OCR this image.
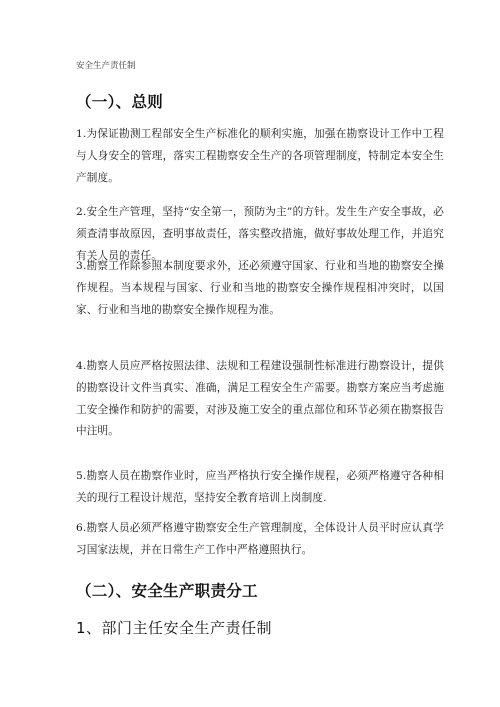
安全生产责任制
（一）、总则
1.为保证勘测工程部安全生产标准化的顺利实施，加强在勘察设计工作中工程与人身安全的管理，落实工程勘察安全生产的各项管理制度，特制定本安全生产制度。
2.安全生产管理，坚持“安全第一，预防为主”的方针。发生生产安全事故，必须查清事故原因，查明事故责任，落实整改措施，做好事故处理工作，并追究有关人员的责任。
3.勘察工作除参照本制度要求外，还必须遵守国家、行业和当地的勘察安全操作规程。当本规程与国家、行业和当地的勘察安全操作规程相冲突时，以国家、行业和当地的勘察安全操作规程为准。
4.勘察人员应严格按照法律、法规和工程建设强制性标准进行勘察设计，提供的勘察设计文件当真实、准确，满足工程安全生产需要。勘察方案应当考虑施工安全操作和防护的需要，对涉及施工安全的重点部位和环节必须在勘察报告中注明。
5.勘察人员在勘察作业时，应当严格执行安全操作规程，必须严格遵守各种相关的现行工程设计规范，坚持安全教育培训上岗制度.
6.勘察人员必须严格遵守勘察安全生产管理制度，全体设计人员平时应认真学习国家法规，并在日常生产工作中严格遵照执行。
（二）、安全生产职责分工
1、部门主任安全生产责任制
